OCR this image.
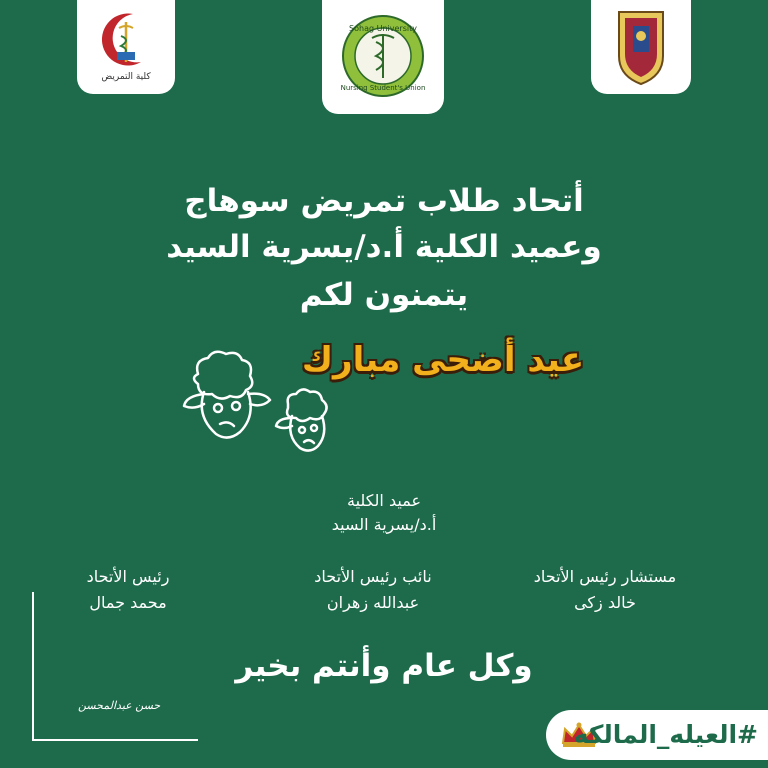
كلية التمريض
Sohag University
Nursing Student's Union
أتحاد طلاب تمريض سوهاج
وعميد الكلية أ.د/يسرية السيد
يتمنون لكم
عيد أضحى مبارك
عميد الكلية
أ.د/يسرية السيد
مستشار رئيس الأتحاد
خالد زكى
نائب رئيس الأتحاد
عبدالله زهران
رئيس الأتحاد
محمد جمال
وكل عام وأنتم بخير
حسن عبدالمحسن
#العيله_المالكه
